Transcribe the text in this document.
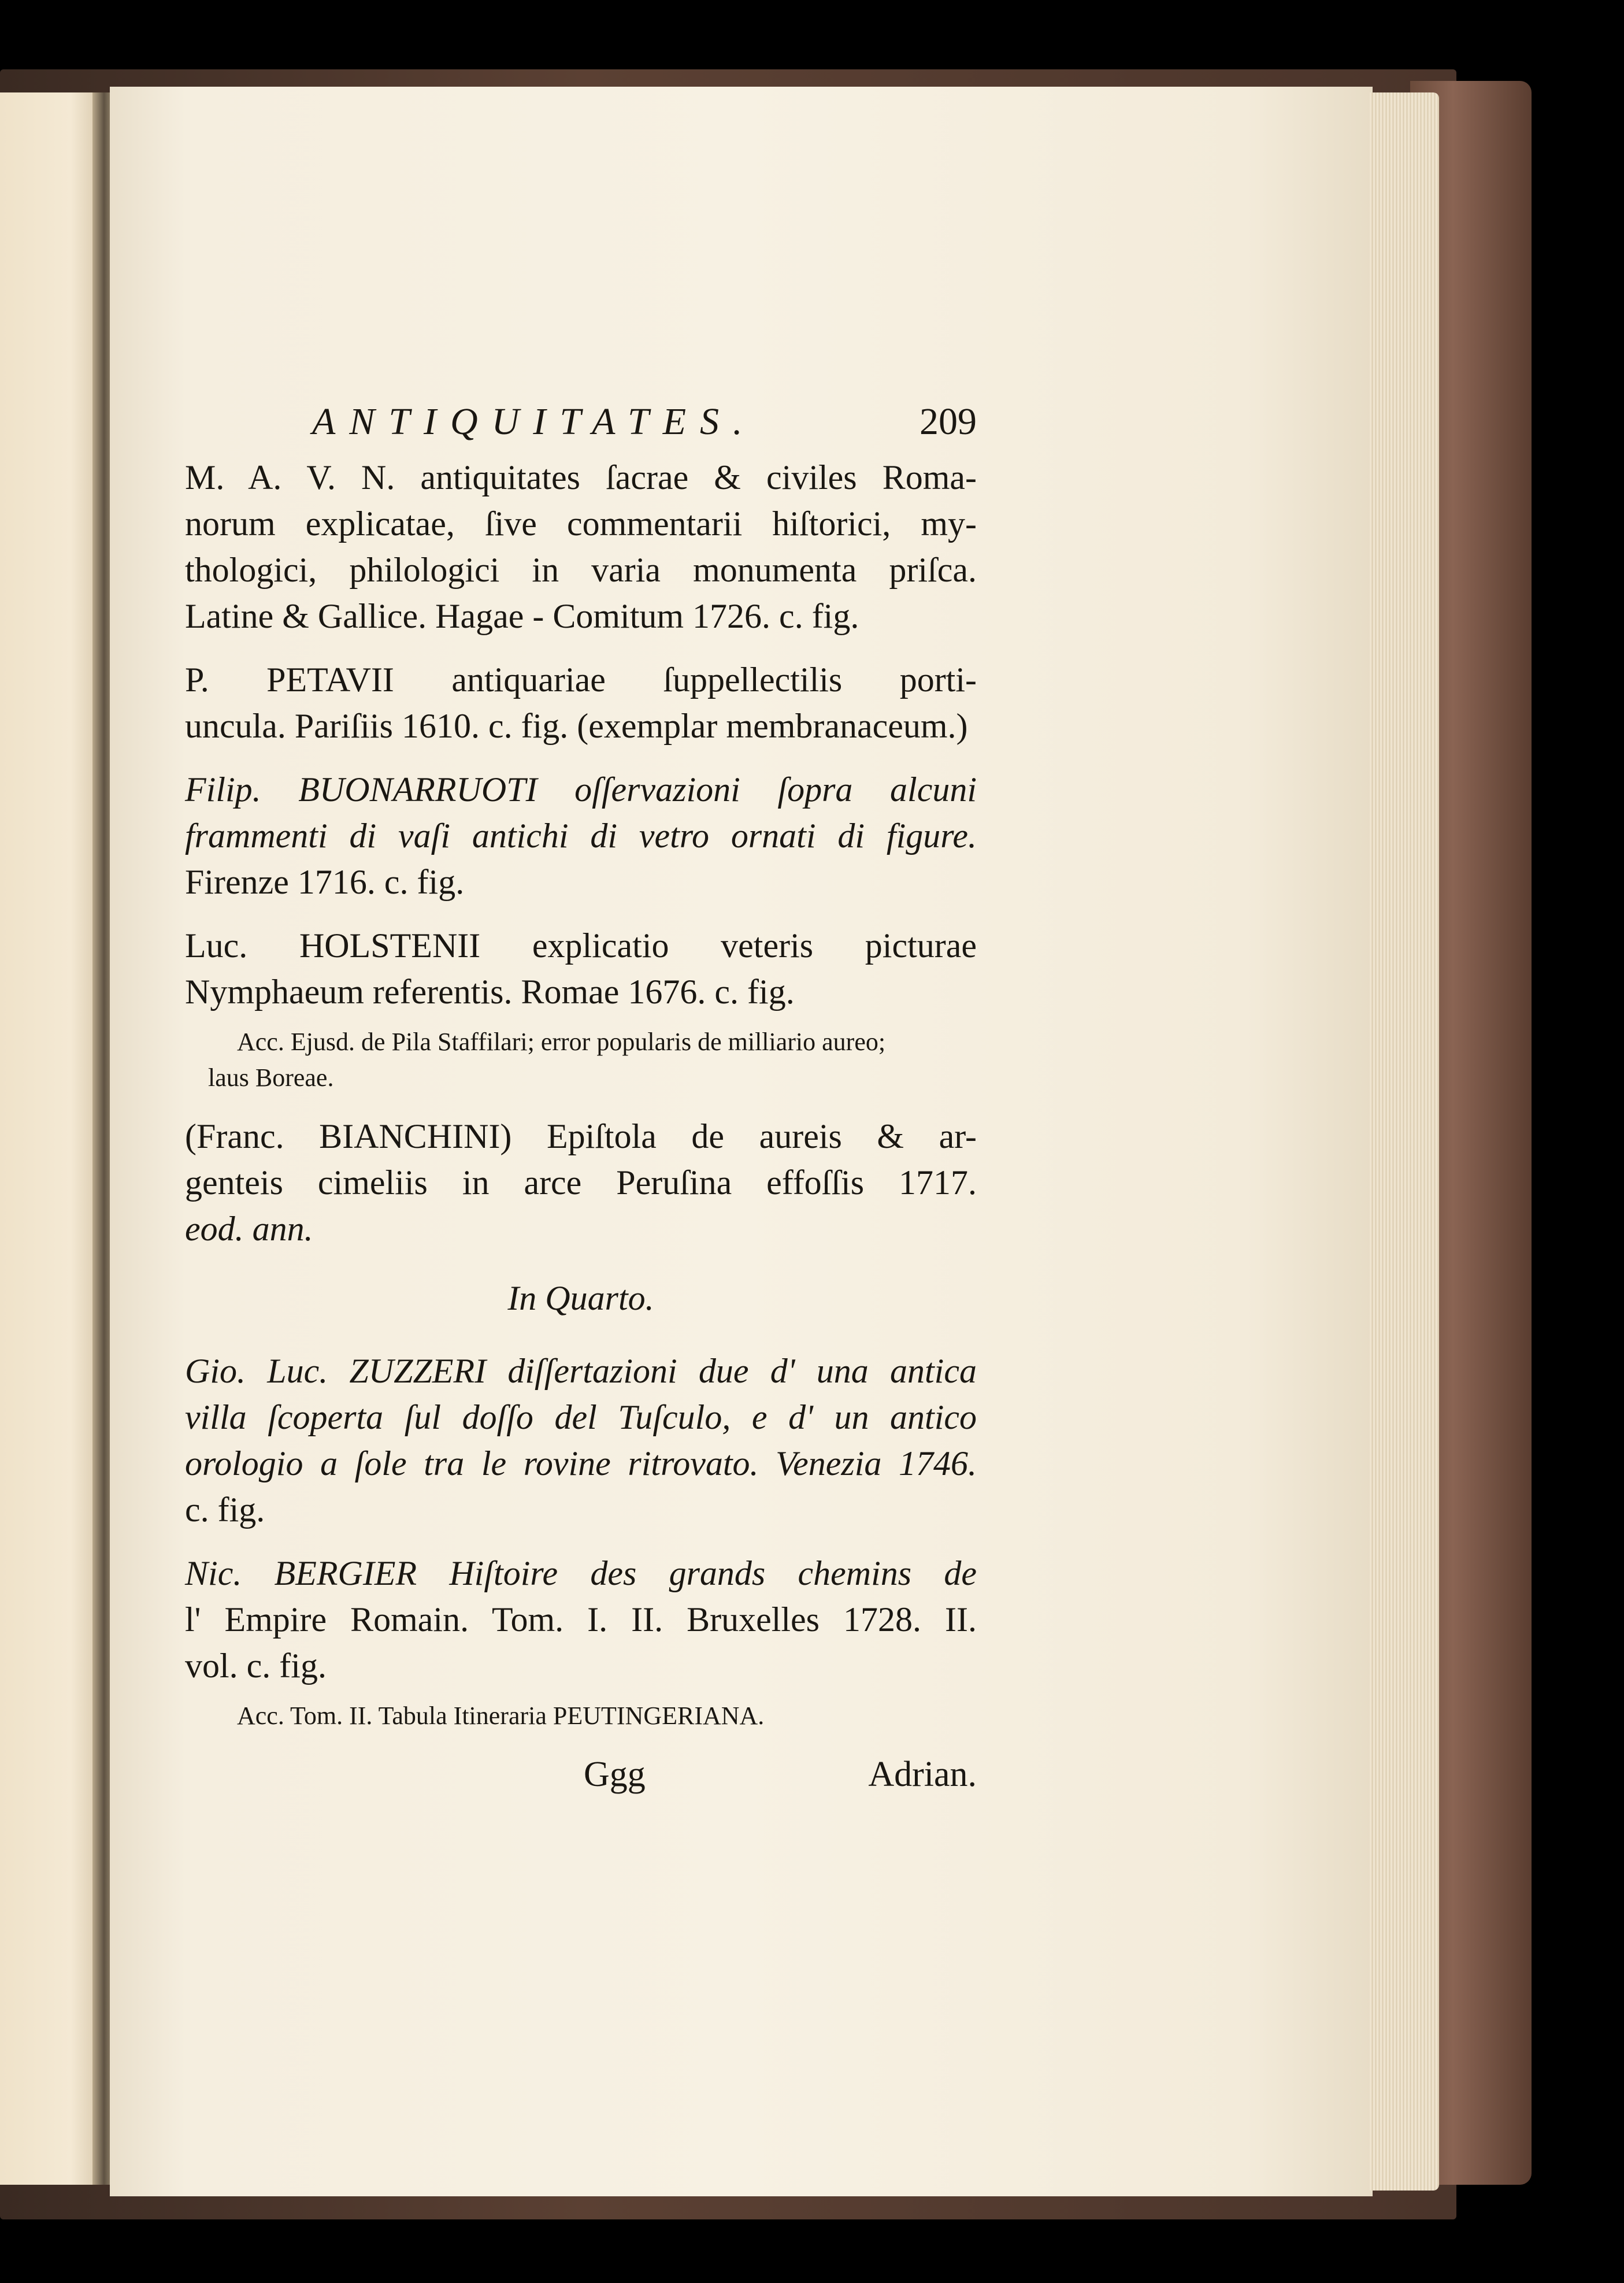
ANTIQUITATES.	209
M. A. V. N. antiquitates ſacrae & civiles Roma-
norum explicatae, ſive commentarii hiſtorici, my-
thologici, philologici in varia monumenta priſca.
Latine & Gallice. Hagae - Comitum 1726. c. fig.
P. PETAVII antiquariae ſuppellectilis porti-
uncula. Pariſiis 1610. c. fig. (exemplar membranaceum.)
Filip. BUONARRUOTI oſſervazioni ſopra alcuni
frammenti di vaſi antichi di vetro ornati di figure.
Firenze 1716. c. fig.
Luc. HOLSTENII explicatio veteris picturae
Nymphaeum referentis. Romae 1676. c. fig.
Acc. Ejusd. de Pila Staffilari; error popularis de milliario aureo;
laus Boreae.
(Franc. BIANCHINI) Epiſtola de aureis & ar-
genteis cimeliis in arce Peruſina effoſſis 1717.
eod. ann.
In Quarto.
Gio. Luc. ZUZZERI diſſertazioni due d' una antica
villa ſcoperta ſul doſſo del Tuſculo, e d' un antico
orologio a ſole tra le rovine ritrovato. Venezia 1746.
c. fig.
Nic. BERGIER Hiſtoire des grands chemins de
l' Empire Romain. Tom. I. II. Bruxelles 1728. II.
vol. c. fig.
Acc. Tom. II. Tabula Itineraria PEUTINGERIANA.
Ggg	Adrian.
